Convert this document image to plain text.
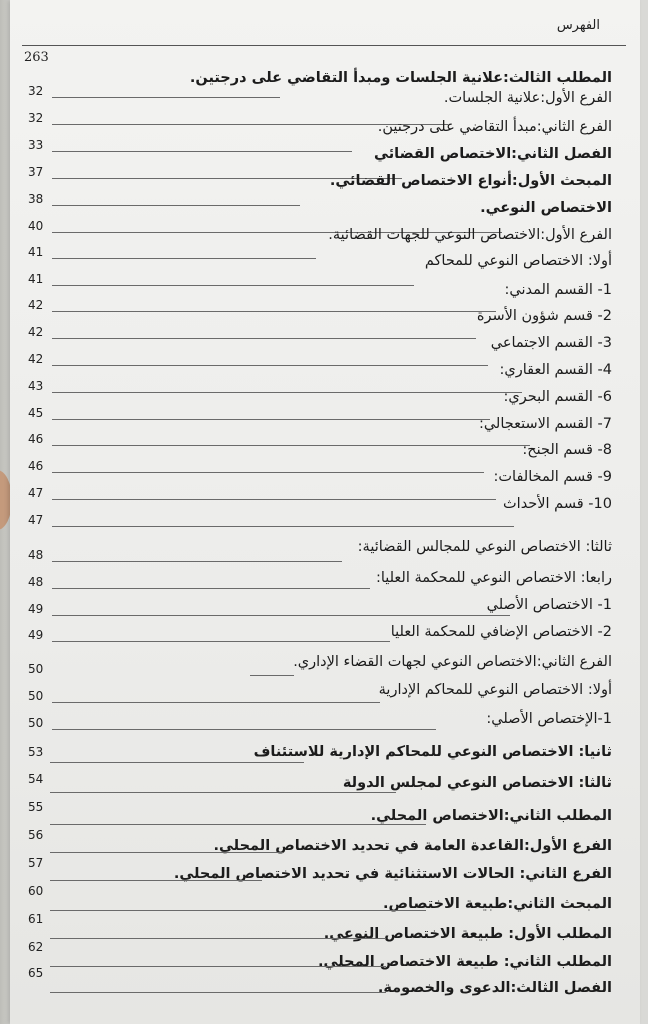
الفهرس
263
المطلب الثالث:علانية الجلسات ومبدأ التقاضي على درجتين.
32	الفرع الأول:علانية الجلسات.
32
الفرع الثاني:مبدأ التقاضي على درجتين.
33
الفصل الثاني:الاختصاص القضائي
37
المبحث الأول:أنواع الاختصاص القضائي.
38
الاختصاص النوعي.
40
الفرع الأول:الاختصاص النوعي للجهات القضائية.
41
أولا: الاختصاص النوعي للمحاكم
41
1- القسم المدني:
42
2- قسم شؤون الأسرة
42
3- القسم الاجتماعي
42
4- القسم العقاري:
43
6- القسم البحري:
45
7- القسم الاستعجالي:
46
8- قسم الجنح:
46
9- قسم المخالفات:
47
10- قسم الأحداث
47
ثالثا: الاختصاص النوعي للمجالس القضائية:
48
رابعا: الاختصاص النوعي للمحكمة العليا:
48
1- الاختصاص الأصلي
49
2- الاختصاص الإضافي للمحكمة العليا
49
الفرع الثاني:الاختصاص النوعي لجهات القضاء الإداري.
50
أولا: الاختصاص النوعي للمحاكم الإدارية
50
1-الإختصاص الأصلي:
50
ثانيا: الاختصاص النوعي للمحاكم الإدارية للاستئناف
53
ثالثا: الاختصاص النوعي لمجلس الدولة
54
المطلب الثاني:الاختصاص المحلي.
55
الفرع الأول:القاعدة العامة في تحديد الاختصاص المحلي.
56
الفرع الثاني: الحالات الاستثنائية في تحديد الاختصاص المحلي.
57
المبحث الثاني:طبيعة الاختصاص.
60
المطلب الأول: طبيعة الاختصاص النوعي.
61
المطلب الثاني: طبيعة الاختصاص المحلي.
62
الفصل الثالث:الدعوى والخصومة.
65
